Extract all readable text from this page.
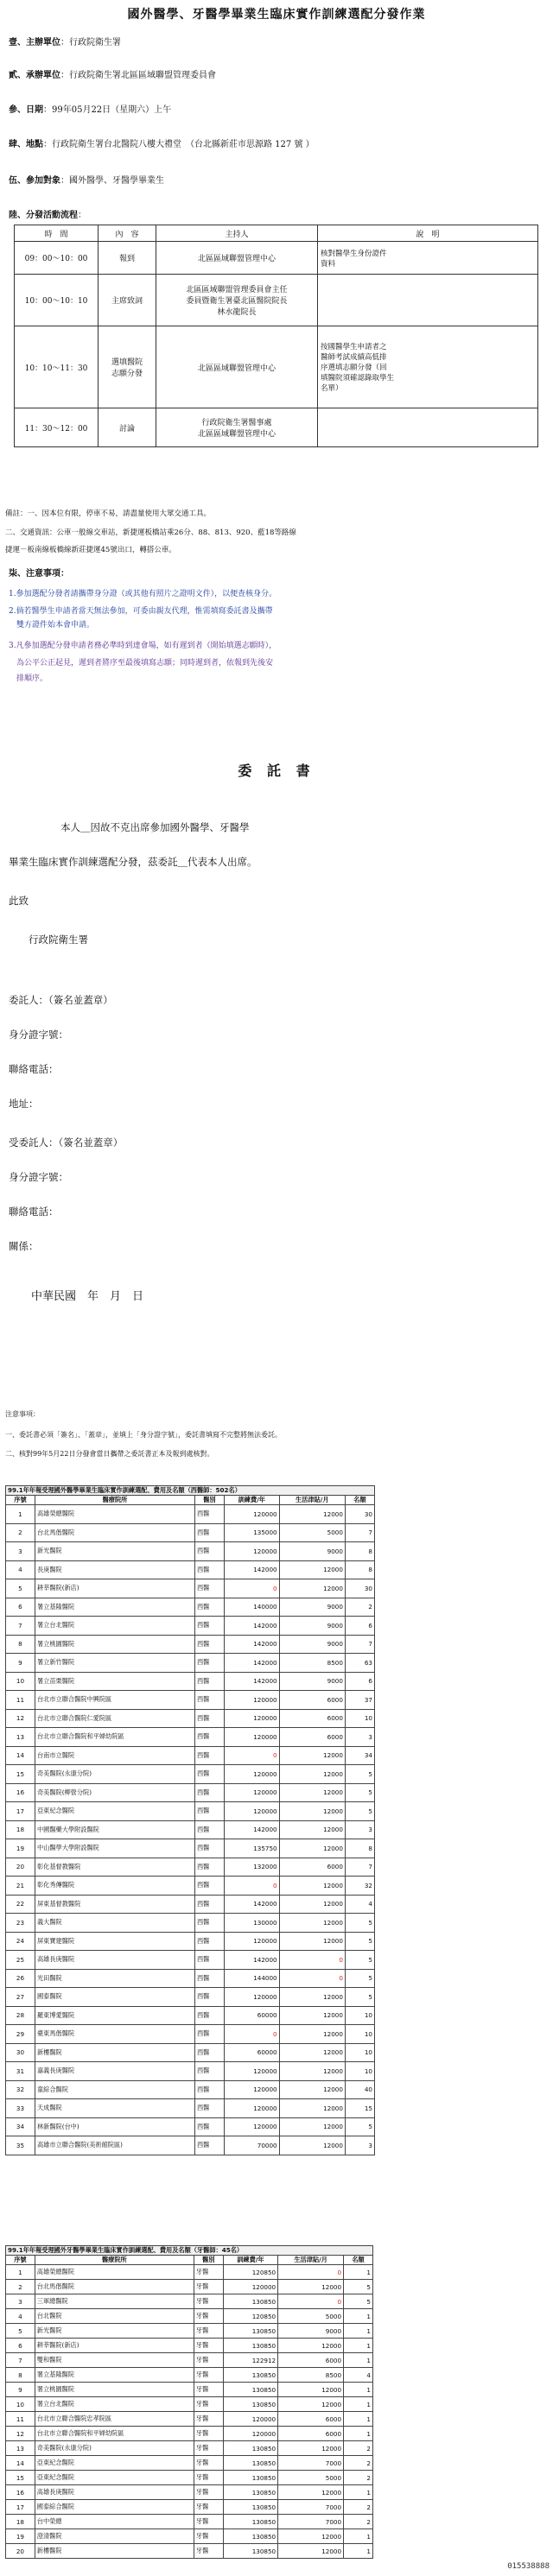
國外醫學、牙醫學畢業生臨床實作訓練選配分發作業
壹、主辦單位：行政院衛生署
貳、承辦單位：行政院衛生署北區區域聯盟管理委員會
參、日期：99年05月22日（星期六）上午
肆、地點：行政院衛生署台北醫院八樓大禮堂　（台北縣新莊市思源路 127 號 ）
伍、參加對象：國外醫學、牙醫學畢業生
陸、分發活動流程：
時　間	內　容	主持人	說　明
09：00～10：00	報到	北區區域聯盟管理中心	核對醫學生身份證件
資料
10：00～10：10	主席致詞	北區區域聯盟管理委員會主任
委員暨衛生署臺北區醫院院長
林水龍院長	
10：10～11：30	選填醫院
志願分發	北區區域聯盟管理中心	按國醫學生申請者之
醫師考試成績高低排
序選填志願分發（回
填醫院須確認錄取學生
名單）
11：30～12：00	討論	行政院衛生署醫事處
北區區域聯盟管理中心	
備註：一、因本位有限，停車不易，請盡量使用大眾交通工具。
二、交通資訊：公車一般線交車站，新捷運板橋站乘26分、88、813、920、藍18等路線
捷運－板南線板橋線新莊捷運45號出口，轉搭公車。
柒、注意事項：
1.參加選配分發者請攜帶身分證（或其他有照片之證明文件），以便查核身分。
2.倘若醫學生申請者當天無法參加，可委由親友代理，惟需填寫委託書及攜帶
　雙方證件始本會申請。
3.凡參加選配分發申請者務必準時到達會場，如有遲到者（開始填選志願時），
　為公平公正起見，遲到者將序至最後填寫志願；同時遲到者，依報到先後安
　排順序。
委 託 書
本人＿因故不克出席參加國外醫學、牙醫學
畢業生臨床實作訓練選配分發，茲委託＿代表本人出席。
此致
　　行政院衛生署
委託人：（簽名並蓋章）
身分證字號：
聯絡電話：
地址：
受委託人：（簽名並蓋章）
身分證字號：
聯絡電話：
關係：
　　中華民國　年　月　日
注意事項：
一、委託書必須「簽名」、「蓋章」，並填上「身分證字號」，委託書填寫不完整將無法委託。
二、核對99年5月22日分發會當日攜帶之委託書正本及報到處核對。
99.1年年報受理國外醫學畢業生臨床實作訓練選配、費用及名額（西醫師：502名）					
序號	醫療院所	醫別	訓練費/年	生活津貼/月	名額
1	高雄榮總醫院	西醫	120000	12000	30
2	台北馬偕醫院	西醫	135000	5000	7
3	新光醫院	西醫	120000	9000	8
4	長庚醫院	西醫	142000	12000	8
5	耕莘醫院(新店)	西醫	0	12000	30
6	署立基隆醫院	西醫	140000	9000	2
7	署立台北醫院	西醫	142000	9000	6
8	署立桃園醫院	西醫	142000	9000	7
9	署立新竹醫院	西醫	142000	8500	63
10	署立苗栗醫院	西醫	142000	9000	6
11	台北市立聯合醫院中興院區	西醫	120000	6000	37
12	台北市立聯合醫院仁愛院區	西醫	120000	6000	10
13	台北市立聯合醫院和平婦幼院區	西醫	120000	6000	3
14	台南市立醫院	西醫	0	12000	34
15	奇美醫院(永康分院)	西醫	120000	12000	5
16	奇美醫院(柳營分院)	西醫	120000	12000	5
17	亞東紀念醫院	西醫	120000	12000	5
18	中國醫藥大學附設醫院	西醫	142000	12000	3
19	中山醫學大學附設醫院	西醫	135750	12000	8
20	彰化基督教醫院	西醫	132000	6000	7
21	彰化秀傳醫院	西醫	0	12000	32
22	屏東基督教醫院	西醫	142000	12000	4
23	義大醫院	西醫	130000	12000	5
24	屏東寶建醫院	西醫	120000	12000	5
25	高雄長庚醫院	西醫	142000	0	5
26	光田醫院	西醫	144000	0	5
27	國泰醫院	西醫	120000	12000	5
28	羅東博愛醫院	西醫	60000	12000	10
29	臺東馬偕醫院	西醫	0	12000	10
30	新樓醫院	西醫	60000	12000	10
31	嘉義長庚醫院	西醫	120000	12000	10
32	童綜合醫院	西醫	120000	12000	40
33	天成醫院	西醫	120000	12000	15
34	林新醫院(台中)	西醫	120000	12000	5
35	高雄市立聯合醫院(美術館院區)	西醫	70000	12000	3
99.1年年報受理國外牙醫學畢業生臨床實作訓練選配、費用及名額（牙醫師：45名）					
序號	醫療院所	醫別	訓練費/年	生活津貼/月	名額
1	高雄榮總醫院	牙醫	120850	0	1
2	台北馬偕醫院	牙醫	120000	12000	5
3	三軍總醫院	牙醫	130850	0	5
4	台北醫院	牙醫	120850	5000	1
5	新光醫院	牙醫	130850	9000	1
6	耕莘醫院(新店)	牙醫	130850	12000	1
7	雙和醫院	牙醫	122912	6000	1
8	署立基隆醫院	牙醫	130850	8500	4
9	署立桃園醫院	牙醫	130850	12000	1
10	署立台北醫院	牙醫	130850	12000	1
11	台北市立聯合醫院忠孝院區	牙醫	120000	6000	1
12	台北市立聯合醫院和平婦幼院區	牙醫	120000	6000	1
13	奇美醫院(永康分院)	牙醫	130850	12000	2
14	亞東紀念醫院	牙醫	130850	7000	2
15	亞東紀念醫院	牙醫	130850	5000	2
16	高雄長庚醫院	牙醫	130850	12000	1
17	國泰綜合醫院	牙醫	130850	7000	2
18	台中榮總	牙醫	130850	7000	2
19	澄清醫院	牙醫	130850	12000	1
20	新樓醫院	牙醫	130850	12000	1
015538888
